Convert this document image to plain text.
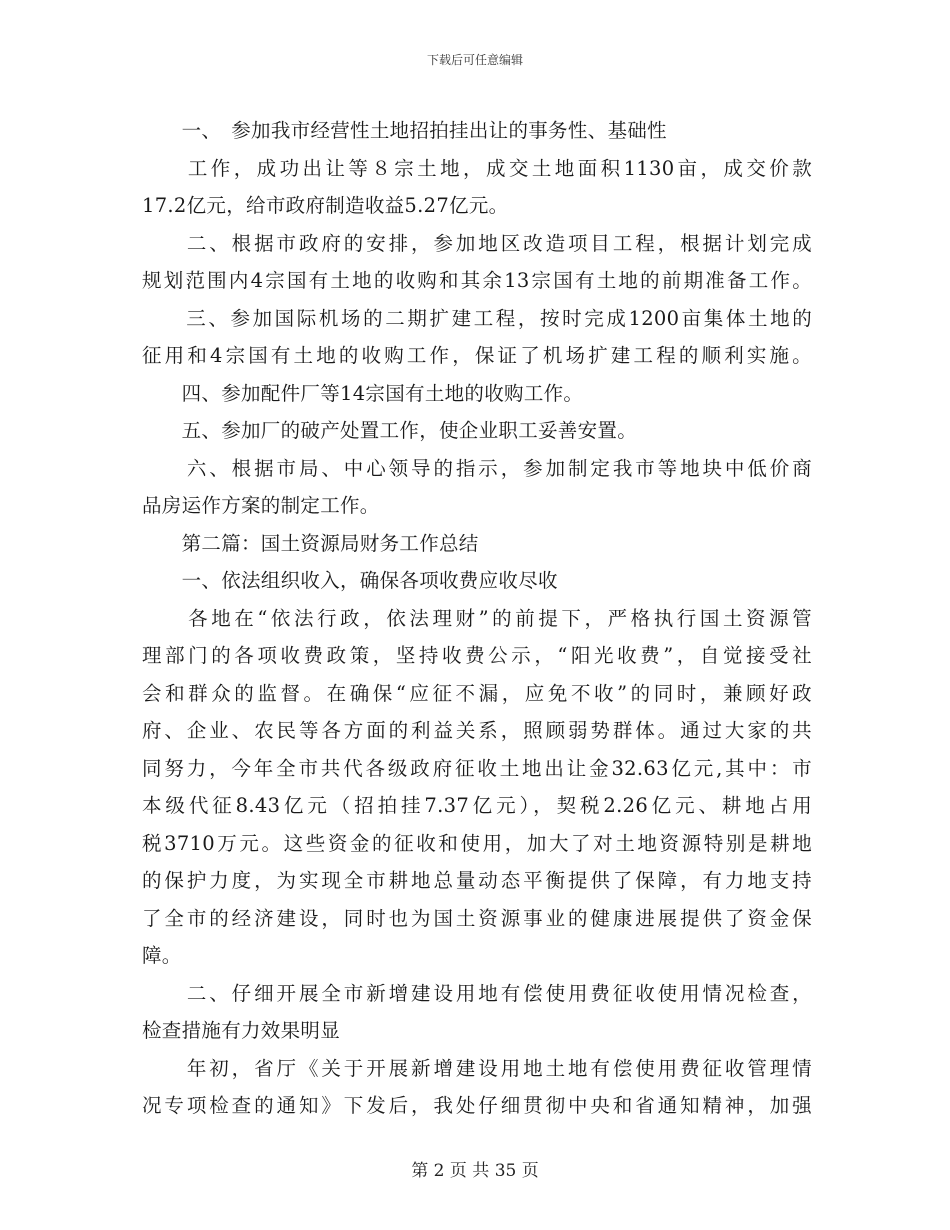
下载后可任意编辑
　　一、　参加我市经营性土地招拍挂出让的事务性、基础性
　　工作，成功出让等８宗土地，成交土地面积1130亩，成交价款
17.2亿元，给市政府制造收益5.27亿元。
　　二、根据市政府的安排，参加地区改造项目工程，根据计划完成
规划范围内4宗国有土地的收购和其余13宗国有土地的前期准备工作。
　　三、参加国际机场的二期扩建工程，按时完成1200亩集体土地的
征用和4宗国有土地的收购工作，保证了机场扩建工程的顺利实施。
　　四、参加配件厂等14宗国有土地的收购工作。
　　五、参加厂的破产处置工作，使企业职工妥善安置。
　　六、根据市局、中心领导的指示，参加制定我市等地块中低价商
品房运作方案的制定工作。
　　第二篇：国土资源局财务工作总结
　　一、依法组织收入，确保各项收费应收尽收
　　各地在“依法行政，依法理财”的前提下，严格执行国土资源管
理部门的各项收费政策，坚持收费公示，“阳光收费”，自觉接受社
会和群众的监督。在确保“应征不漏，应免不收”的同时，兼顾好政
府、企业、农民等各方面的利益关系，照顾弱势群体。通过大家的共
同努力，今年全市共代各级政府征收土地出让金32.63亿元,其中：市
本级代征8.43亿元（招拍挂7.37亿元），契税2.26亿元、耕地占用
税3710万元。这些资金的征收和使用，加大了对土地资源特别是耕地
的保护力度，为实现全市耕地总量动态平衡提供了保障，有力地支持
了全市的经济建设，同时也为国土资源事业的健康进展提供了资金保
障。
　　二、仔细开展全市新增建设用地有偿使用费征收使用情况检查，
检查措施有力效果明显
　　年初，省厅《关于开展新增建设用地土地有偿使用费征收管理情
况专项检查的通知》下发后，我处仔细贯彻中央和省通知精神，加强
第 2 页 共 35 页
